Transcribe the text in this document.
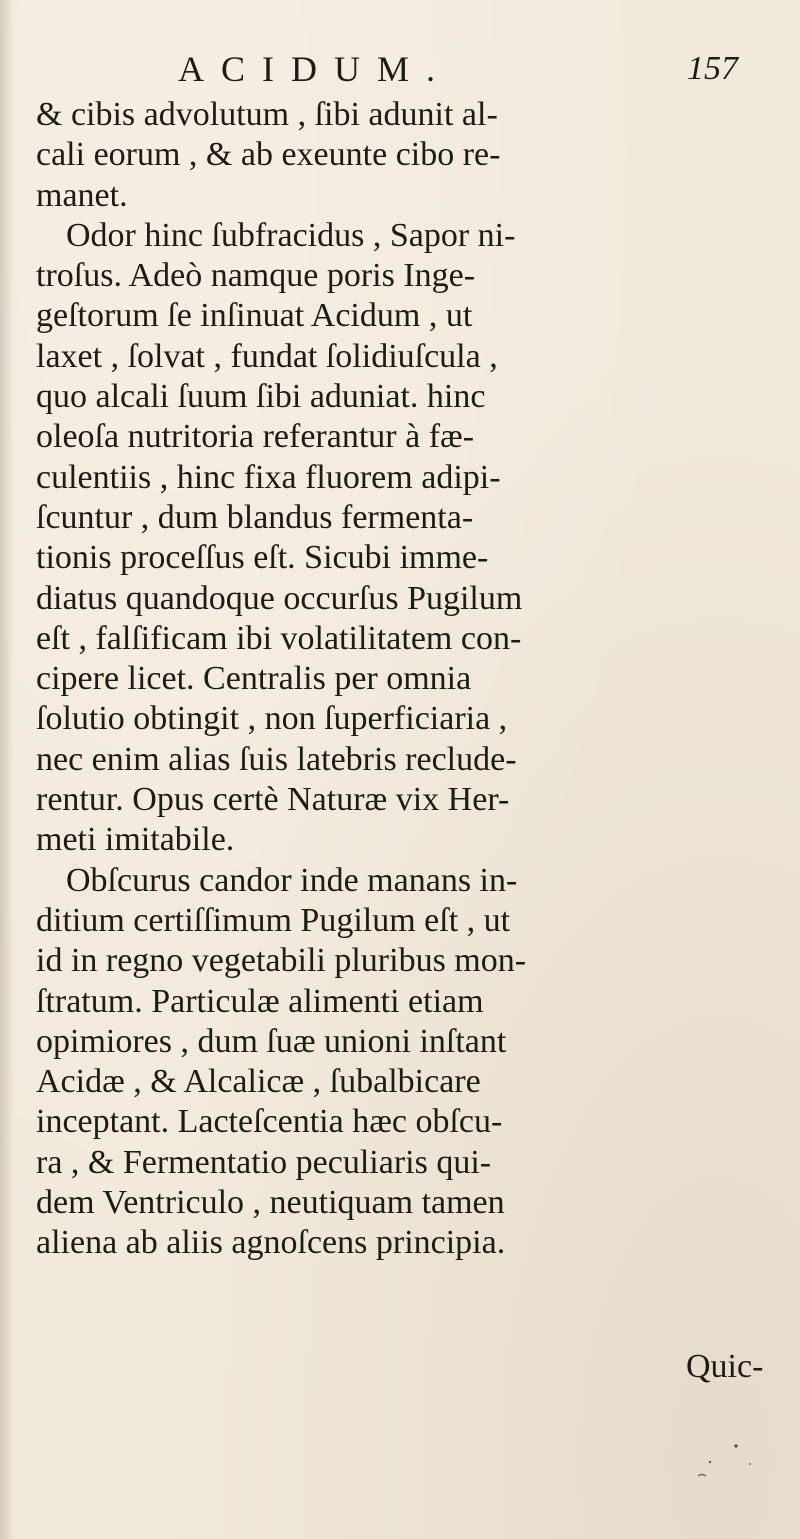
ACIDUM.	157
& cibis advolutum , ſibi adunit al-
cali eorum , & ab exeunte cibo re-
manet.
Odor hinc ſubfracidus , Sapor ni-
troſus. Adeò namque poris Inge-
geſtorum ſe inſinuat Acidum , ut
laxet , ſolvat , fundat ſolidiuſcula ,
quo alcali ſuum ſibi aduniat. hinc
oleoſa nutritoria referantur à fæ-
culentiis , hinc fixa fluorem adipi-
ſcuntur , dum blandus fermenta-
tionis proceſſus eſt. Sicubi imme-
diatus quandoque occurſus Pugilum
eſt , falſificam ibi volatilitatem con-
cipere licet. Centralis per omnia
ſolutio obtingit , non ſuperficiaria ,
nec enim alias ſuis latebris reclude-
rentur. Opus certè Naturæ vix Her-
meti imitabile.
Obſcurus candor inde manans in-
ditium certiſſimum Pugilum eſt , ut
id in regno vegetabili pluribus mon-
ſtratum. Particulæ alimenti etiam
opimiores , dum ſuæ unioni inſtant
Acidæ , & Alcalicæ , ſubalbicare
inceptant. Lacteſcentia hæc obſcu-
ra , & Fermentatio peculiaris qui-
dem Ventriculo , neutiquam tamen
aliena ab aliis agnoſcens principia.
Quic-
